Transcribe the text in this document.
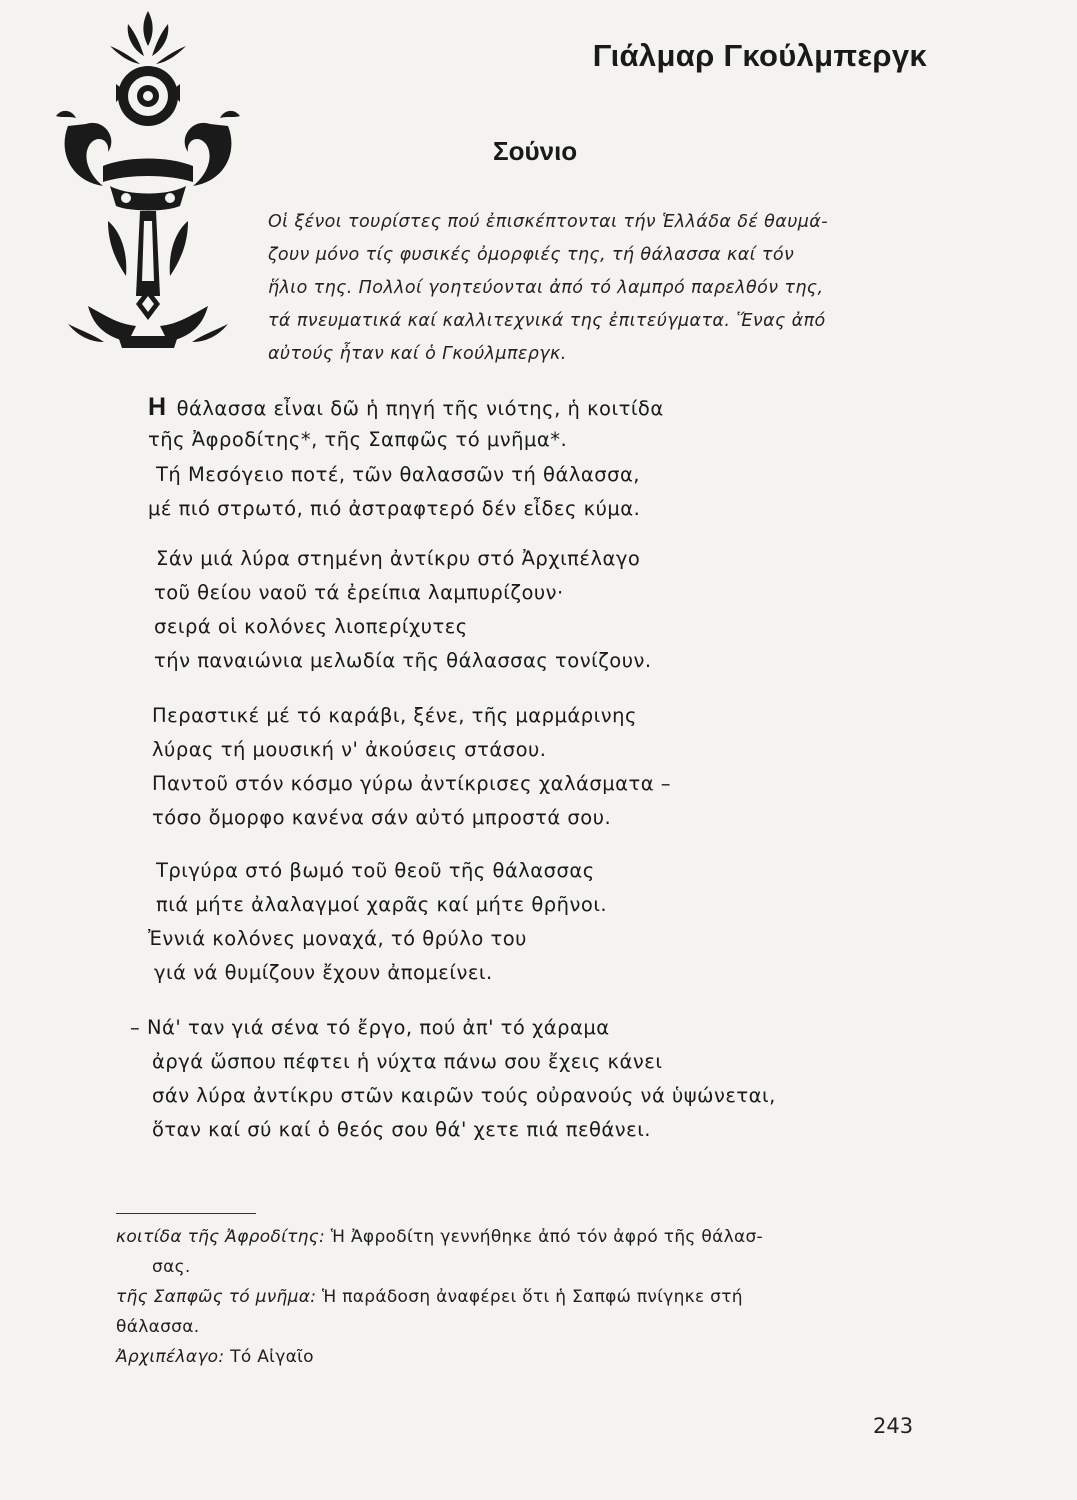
Γιάλμαρ Γκούλμπεργκ
Σούνιο
Οἱ ξένοι τουρίστες πού ἐπισκέπτονται τήν Ἑλλάδα δέ θαυμά-
ζουν μόνο τίς φυσικές ὀμορφιές της, τή θάλασσα καί τόν
ἥλιο της. Πολλοί γοητεύονται ἀπό τό λαμπρό παρελθόν της,
τά πνευματικά καί καλλιτεχνικά της ἐπιτεύγματα. Ἕνας ἀπό
αὐτούς ἦταν καί ὁ Γκούλμπεργκ.
Η θάλασσα εἶναι δῶ ἡ πηγή τῆς νιότης, ἡ κοιτίδα
τῆς Ἀφροδίτης*, τῆς Σαπφῶς τό μνῆμα*.
Τή Μεσόγειο ποτέ, τῶν θαλασσῶν τή θάλασσα,
μέ πιό στρωτό, πιό ἀστραφτερό δέν εἶδες κύμα.
Σάν μιά λύρα στημένη ἀντίκρυ στό Ἀρχιπέλαγο
τοῦ θείου ναοῦ τά ἐρείπια λαμπυρίζουν·
σειρά οἱ κολόνες λιοπερίχυτες
τήν παναιώνια μελωδία τῆς θάλασσας τονίζουν.
Περαστικέ μέ τό καράβι, ξένε, τῆς μαρμάρινης
λύρας τή μουσική ν' ἀκούσεις στάσου.
Παντοῦ στόν κόσμο γύρω ἀντίκρισες χαλάσματα –
τόσο ὄμορφο κανένα σάν αὐτό μπροστά σου.
Τριγύρα στό βωμό τοῦ θεοῦ τῆς θάλασσας
πιά μήτε ἀλαλαγμοί χαρᾶς καί μήτε θρῆνοι.
Ἐννιά κολόνες μοναχά, τό θρύλο του
γιά νά θυμίζουν ἔχουν ἀπομείνει.
– Νά' ταν γιά σένα τό ἔργο, πού ἀπ' τό χάραμα
ἀργά ὥσπου πέφτει ἡ νύχτα πάνω σου ἔχεις κάνει
σάν λύρα ἀντίκρυ στῶν καιρῶν τούς οὐρανούς νά ὑψώνεται,
ὅταν καί σύ καί ὁ θεός σου θά' χετε πιά πεθάνει.
κοιτίδα τῆς Ἀφροδίτης: Ἡ Ἀφροδίτη γεννήθηκε ἀπό τόν ἀφρό τῆς θάλασ-
σας.
τῆς Σαπφῶς τό μνῆμα: Ἡ παράδοση ἀναφέρει ὅτι ἡ Σαπφώ πνίγηκε στή
θάλασσα.
Ἀρχιπέλαγο: Τό Αἰγαῖο
243
